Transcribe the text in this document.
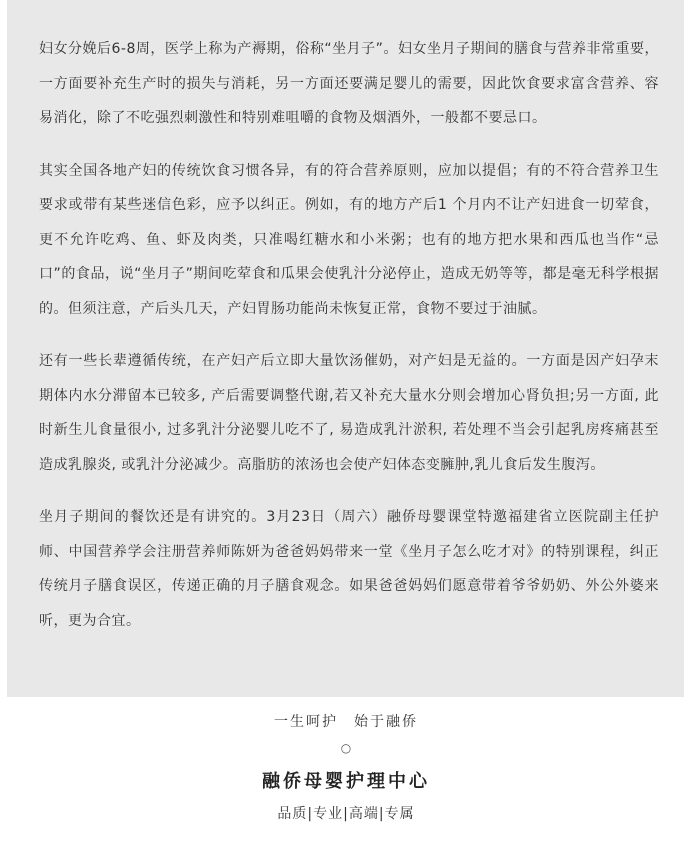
妇女分娩后6-8周，医学上称为产褥期，俗称“坐月子”。妇女坐月子期间的膳食与营养非常重要，一方面要补充生产时的损失与消耗，另一方面还要满足婴儿的需要，因此饮食要求富含营养、容易消化，除了不吃强烈刺激性和特别难咀嚼的食物及烟酒外，一般都不要忌口。

其实全国各地产妇的传统饮食习惯各异，有的符合营养原则，应加以提倡；有的不符合营养卫生要求或带有某些迷信色彩，应予以纠正。例如，有的地方产后1 个月内不让产妇进食一切荤食，更不允许吃鸡、鱼、虾及肉类，只准喝红糖水和小米粥；也有的地方把水果和西瓜也当作“忌口”的食品，说“坐月子”期间吃荤食和瓜果会使乳汁分泌停止，造成无奶等等，都是毫无科学根据的。但须注意，产后头几天，产妇胃肠功能尚未恢复正常，食物不要过于油腻。

还有一些长辈遵循传统，在产妇产后立即大量饮汤催奶，对产妇是无益的。一方面是因产妇孕末期体内水分滞留本已较多, 产后需要调整代谢,若又补充大量水分则会增加心肾负担;另一方面, 此时新生儿食量很小, 过多乳汁分泌婴儿吃不了, 易造成乳汁淤积, 若处理不当会引起乳房疼痛甚至造成乳腺炎, 或乳汁分泌减少。高脂肪的浓汤也会使产妇体态变臃肿,乳儿食后发生腹泻。

坐月子期间的餐饮还是有讲究的。3月23日（周六）融侨母婴课堂特邀福建省立医院副主任护师、中国营养学会注册营养师陈妍为爸爸妈妈带来一堂《坐月子怎么吃才对》的特别课程，纠正传统月子膳食误区，传递正确的月子膳食观念。如果爸爸妈妈们愿意带着爷爷奶奶、外公外婆来听，更为合宜。

一生呵护　始于融侨
○
融侨母婴护理中心
品质|专业|高端|专属
